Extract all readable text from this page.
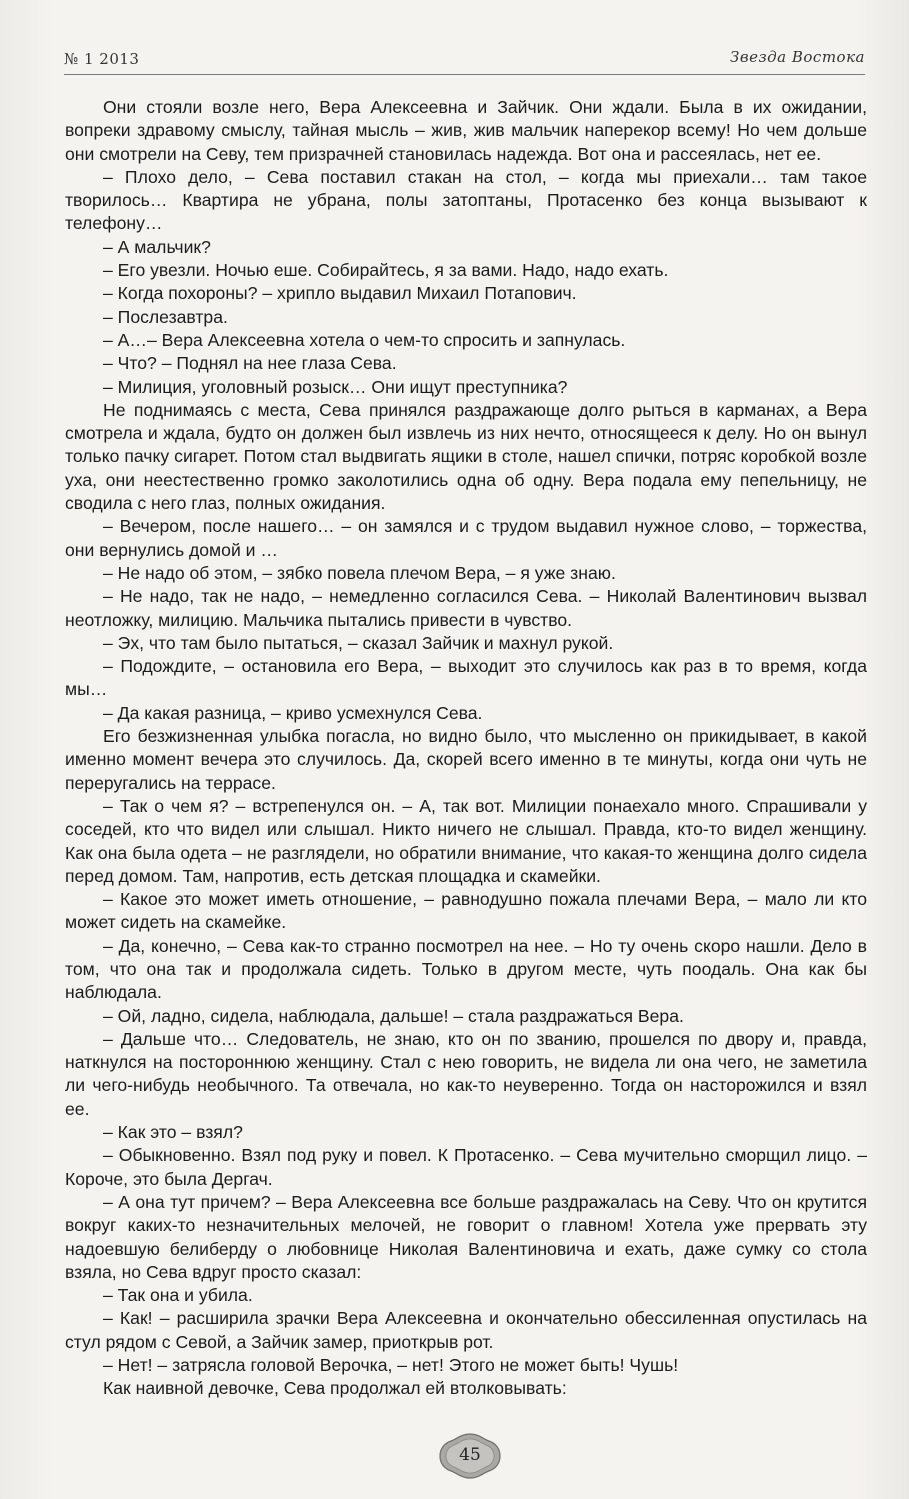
№ 1 2013	Звезда Востока

Они стояли возле него, Вера Алексеевна и Зайчик. Они ждали. Была в их ожидании, вопреки здравому смыслу, тайная мысль – жив, жив мальчик наперекор всему! Но чем дольше они смотрели на Севу, тем призрачней становилась надежда. Вот она и рассеялась, нет ее.

– Плохо дело, – Сева поставил стакан на стол, – когда мы приехали… там такое творилось… Квартира не убрана, полы затоптаны, Протасенко без конца вызывают к телефону…

– А мальчик?

– Его увезли. Ночью еше. Собирайтесь, я за вами. Надо, надо ехать.

– Когда похороны? – хрипло выдавил Михаил Потапович.

– Послезавтра.

– А…– Вера Алексеевна хотела о чем-то спросить и запнулась.

– Что? – Поднял на нее глаза Сева.

– Милиция, уголовный розыск… Они ищут преступника?

Не поднимаясь с места, Сева принялся раздражающе долго рыться в карманах, а Вера смотрела и ждала, будто он должен был извлечь из них нечто, относящееся к делу. Но он вынул только пачку сигарет. Потом стал выдвигать ящики в столе, нашел спички, потряс коробкой возле уха, они неестественно громко заколотились одна об одну. Вера подала ему пепельницу, не сводила с него глаз, полных ожидания.

– Вечером, после нашего… – он замялся и с трудом выдавил нужное слово, – торжества, они вернулись домой и …

– Не надо об этом, – зябко повела плечом Вера, – я уже знаю.

– Не надо, так не надо, – немедленно согласился Сева. – Николай Валентинович вызвал неотложку, милицию. Мальчика пытались привести в чувство.

– Эх, что там было пытаться, – сказал Зайчик и махнул рукой.

– Подождите, – остановила его Вера, – выходит это случилось как раз в то время, когда мы…

– Да какая разница, – криво усмехнулся Сева.

Его безжизненная улыбка погасла, но видно было, что мысленно он прикидывает, в какой именно момент вечера это случилось. Да, скорей всего именно в те минуты, когда они чуть не переругались на террасе.

– Так о чем я? – встрепенулся он. – А, так вот. Милиции понаехало много. Спрашивали у соседей, кто что видел или слышал. Никто ничего не слышал. Правда, кто-то видел женщину. Как она была одета – не разглядели, но обратили внимание, что какая-то женщина долго сидела перед домом. Там, напротив, есть детская площадка и скамейки.

– Какое это может иметь отношение, – равнодушно пожала плечами Вера, – мало ли кто может сидеть на скамейке.

– Да, конечно, – Сева как-то странно посмотрел на нее. – Но ту очень скоро нашли. Дело в том, что она так и продолжала сидеть. Только в другом месте, чуть поодаль. Она как бы наблюдала.

– Ой, ладно, сидела, наблюдала, дальше! – стала раздражаться Вера.

– Дальше что… Следователь, не знаю, кто он по званию, прошелся по двору и, правда, наткнулся на постороннюю женщину. Стал с нею говорить, не видела ли она чего, не заметила ли чего-нибудь необычного. Та отвечала, но как-то неуверенно. Тогда он насторожился и взял ее.

– Как это – взял?

– Обыкновенно. Взял под руку и повел. К Протасенко. – Сева мучительно сморщил лицо. – Короче, это была Дергач.

– А она тут причем? – Вера Алексеевна все больше раздражалась на Севу. Что он крутится вокруг каких-то незначительных мелочей, не говорит о главном! Хотела уже прервать эту надоевшую белиберду о любовнице Николая Валентиновича и ехать, даже сумку со стола взяла, но Сева вдруг просто сказал:

– Так она и убила.

– Как! – расширила зрачки Вера Алексеевна и окончательно обессиленная опустилась на стул рядом с Севой, а Зайчик замер, приоткрыв рот.

– Нет! – затрясла головой Верочка, – нет! Этого не может быть! Чушь!

Как наивной девочке, Сева продолжал ей втолковывать:

45
